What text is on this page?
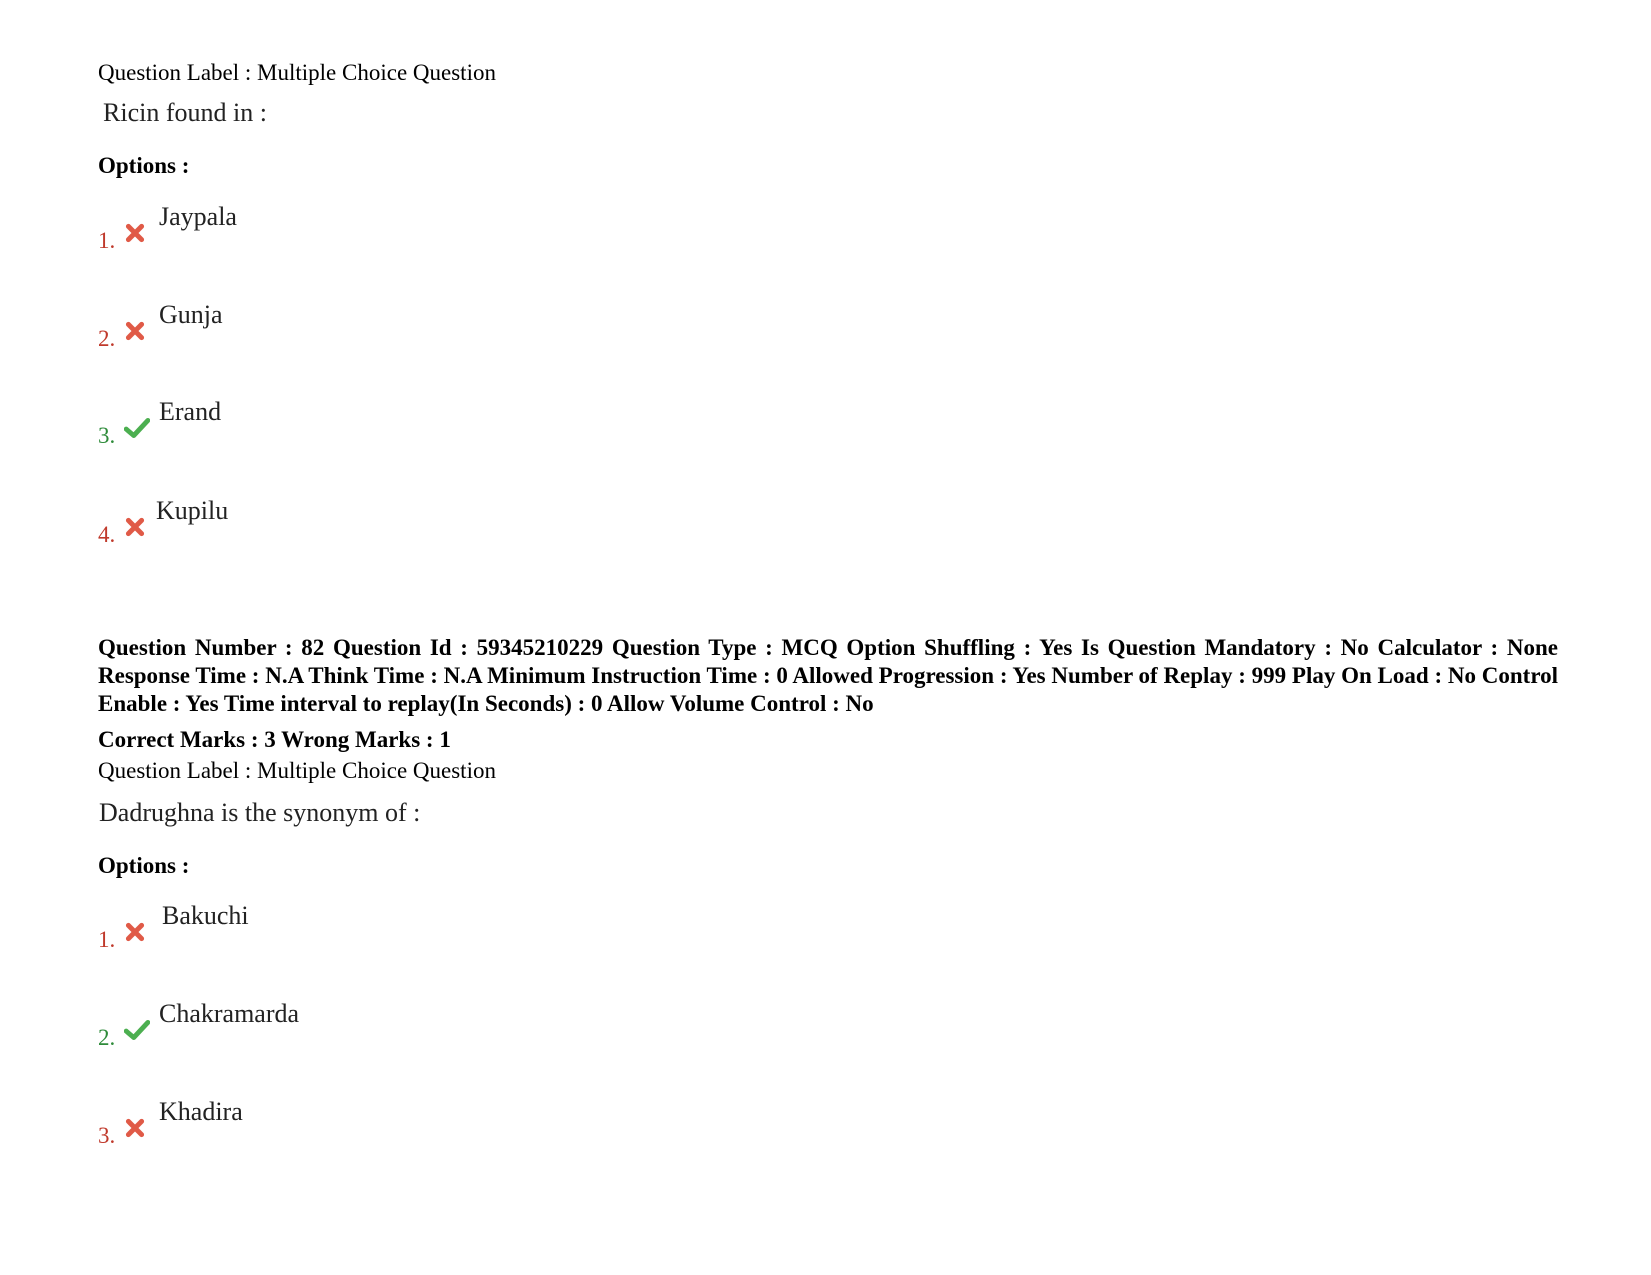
Question Label : Multiple Choice Question
Ricin found in :
Options :
1.
Jaypala
2.
Gunja
3.
Erand
4.
Kupilu
Question Number : 82 Question Id : 59345210229 Question Type : MCQ Option Shuffling : Yes Is Question Mandatory : No Calculator : None Response Time : N.A Think Time : N.A Minimum Instruction Time : 0 Allowed Progression : Yes Number of Replay : 999 Play On Load : No Control Enable : Yes Time interval to replay(In Seconds) : 0 Allow Volume Control : No
Correct Marks : 3 Wrong Marks : 1
Question Label : Multiple Choice Question
Dadrughna is the synonym of :
Options :
1.
Bakuchi
2.
Chakramarda
3.
Khadira
